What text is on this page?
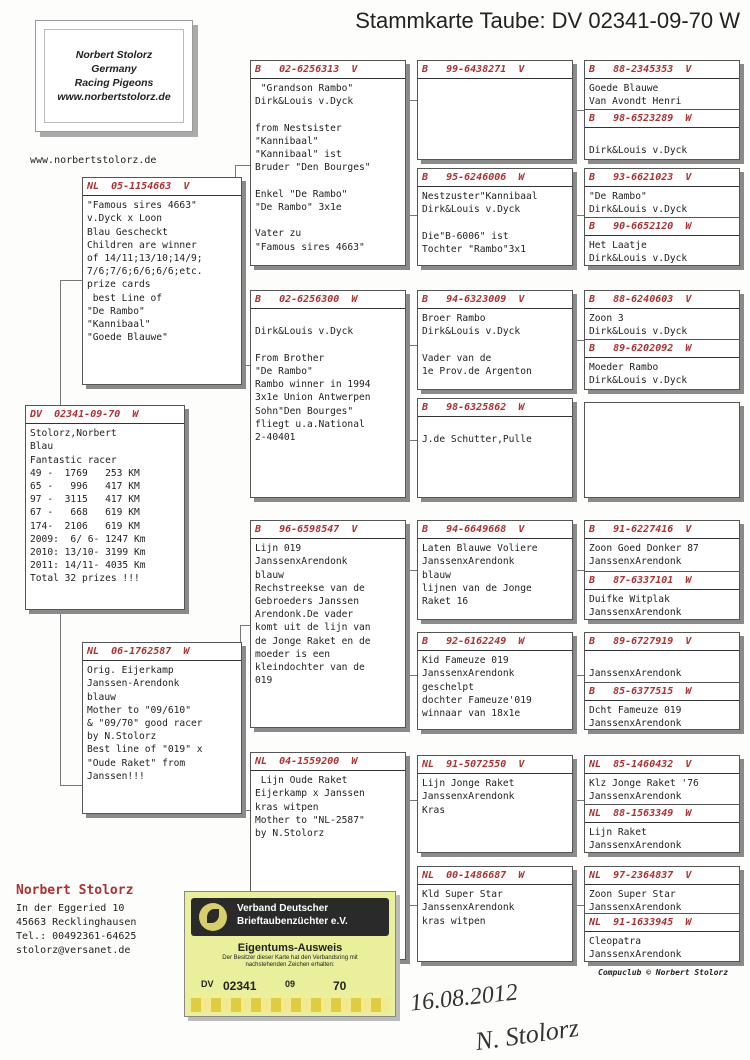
Stammkarte Taube: DV 02341-09-70 W
Norbert Stolorz
Germany
Racing Pigeons
www.norbertstolorz.de
www.norbertstolorz.de
DV  02341-09-70  W
Stolorz,Norbert
Blau
Fantastic racer
49 -  1769   253 KM
65 -   996   417 KM
97 -  3115   417 KM
67 -   668   619 KM
174-  2106   619 KM
2009:  6/ 6- 1247 Km
2010: 13/10- 3199 Km
2011: 14/11- 4035 Km
Total 32 prizes !!!
NL  05-1154663  V
"Famous sires 4663"
v.Dyck x Loon
Blau Gescheckt
Children are winner
of 14/11;13/10;14/9;
7/6;7/6;6/6;6/6;etc.
prize cards
best Line of
"De Rambo"
"Kannibaal"
"Goede Blauwe"
NL  06-1762587  W
Orig. Eijerkamp
Janssen-Arendonk
blauw
Mother to "09/610"
& "09/70" good racer
by N.Stolorz
Best line of "019" x
"Oude Raket" from
Janssen!!!
B   02-6256313  V
"Grandson Rambo"
Dirk&Louis v.Dyck

from Nestsister
"Kannibaal"
"Kannibaal" ist
Bruder "Den Bourges"

Enkel "De Rambo"
"De Rambo" 3x1e

Vater zu
"Famous sires 4663"
B   02-6256300  W

Dirk&Louis v.Dyck

From Brother
"De Rambo"
Rambo winner in 1994
3x1e Union Antwerpen
Sohn"Den Bourges"
fliegt u.a.National
2-40401
B   96-6598547  V
Lijn 019
JanssenxArendonk
blauw
Rechstreekse van de
Gebroeders Janssen
Arendonk.De vader
komt uit de lijn van
de Jonge Raket en de
moeder is een
kleindochter van de
019
NL  04-1559200  W
Lijn Oude Raket
Eijerkamp x Janssen
kras witpen
Mother to "NL-2587"
by N.Stolorz
B   99-6438271  V
B   95-6246006  W
Nestzuster"Kannibaal
Dirk&Louis v.Dyck

Die"B-6006" ist
Tochter "Rambo"3x1
B   94-6323009  V
Broer Rambo
Dirk&Louis v.Dyck

Vader van de
1e Prov.de Argenton
B   98-6325862  W

J.de Schutter,Pulle
B   94-6649668  V
Laten Blauwe Voliere
JanssenxArendonk
blauw
lijnen van de Jonge
Raket 16
B   92-6162249  W
Kid Fameuze 019
JanssenxArendonk
geschelpt
dochter Fameuze'019
winnaar van 18x1e
NL  91-5072550  V
Lijn Jonge Raket
JanssenxArendonk
Kras
NL  00-1486687  W
Kld Super Star
JanssenxArendonk
kras witpen
B   88-2345353  V
Goede Blauwe
Van Avondt Henri
B   98-6523289  W

Dirk&Louis v.Dyck
B   93-6621023  V
"De Rambo"
Dirk&Louis v.Dyck
B   90-6652120  W
Het Laatje
Dirk&Louis v.Dyck
B   88-6240603  V
Zoon 3
Dirk&Louis v.Dyck
B   89-6202092  W
Moeder Rambo
Dirk&Louis v.Dyck
B   91-6227416  V
Zoon Goed Donker 87
JanssenxArendonk
B   87-6337101  W
Duifke Witplak
JanssenxArendonk
B   89-6727919  V

JanssenxArendonk
B   85-6377515  W
Dcht Fameuze 019
JanssenxArendonk
NL  85-1460432  V
Klz Jonge Raket '76
JanssenxArendonk
NL  88-1563349  W
Lijn Raket
JanssenxArendonk
NL  97-2364837  V
Zoon Super Star
JanssenxArendonk
NL  91-1633945  W
Cleopatra
JanssenxArendonk
Norbert Stolorz
In der Eggeried 10
45663 Recklinghausen
Tel.: 00492361-64625
stolorz@versanet.de
Verband Deutscher
Brieftaubenzüchter e.V.
Eigentums-Ausweis
Der Besitzer dieser Karte hat den Verbandsring mit nachstehenden Zeichen erhalten:
DV 02341	09	70
Compuclub © Norbert Stolorz
16.08.2012
N. Stolorz
